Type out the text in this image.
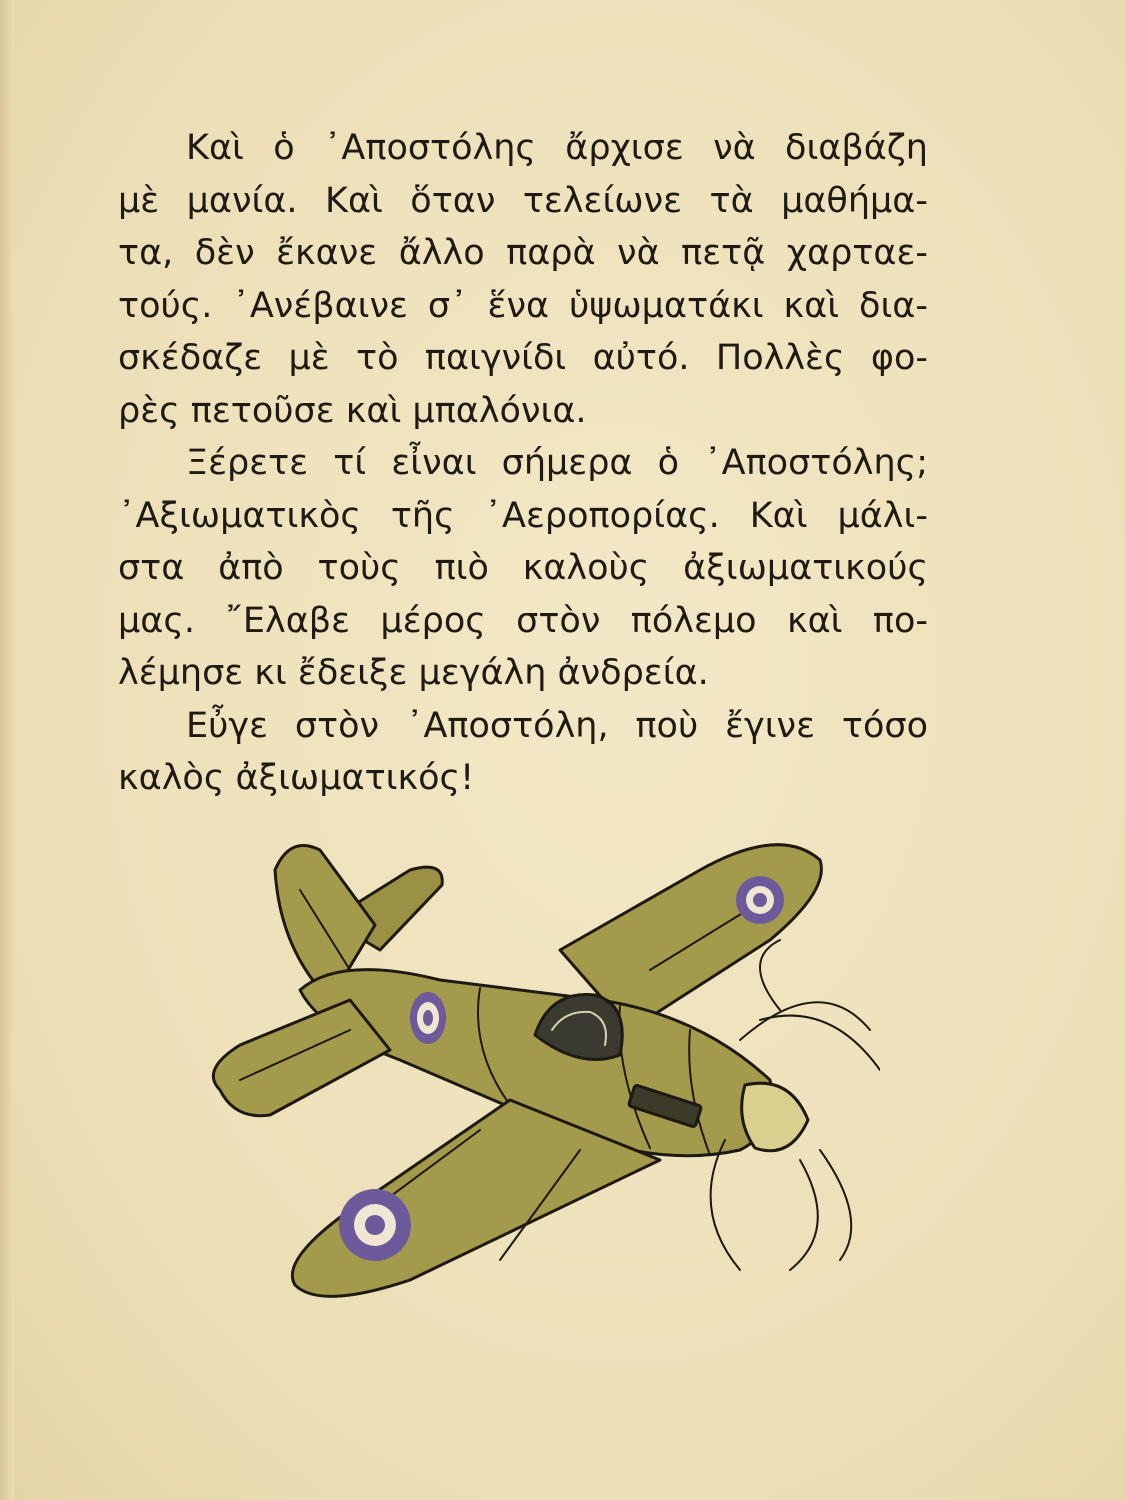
Καὶ ὁ ᾽Αποστόλης ἄρχισε νὰ διαβάζη
μὲ μανία. Καὶ ὅταν τελείωνε τὰ μαθήμα-
τα, δὲν ἔκανε ἄλλο παρὰ νὰ πετᾷ χαρταε-
τούς. ᾽Ανέβαινε σ᾽ ἕνα ὑψωματάκι καὶ δια-
σκέδαζε μὲ τὸ παιγνίδι αὐτό. Πολλὲς φο-
ρὲς πετοῦσε καὶ μπαλόνια.

Ξέρετε τί εἶναι σήμερα ὁ ᾽Αποστόλης;
᾽Αξιωματικὸς τῆς ᾽Αεροπορίας. Καὶ μάλι-
στα ἀπὸ τοὺς πιὸ καλοὺς ἀξιωματικούς
μας. ῎Ελαβε μέρος στὸν πόλεμο καὶ πο-
λέμησε κι ἔδειξε μεγάλη ἀνδρεία.

Εὖγε στὸν ᾽Αποστόλη, ποὺ ἔγινε τόσο
καλὸς ἀξιωματικός!
